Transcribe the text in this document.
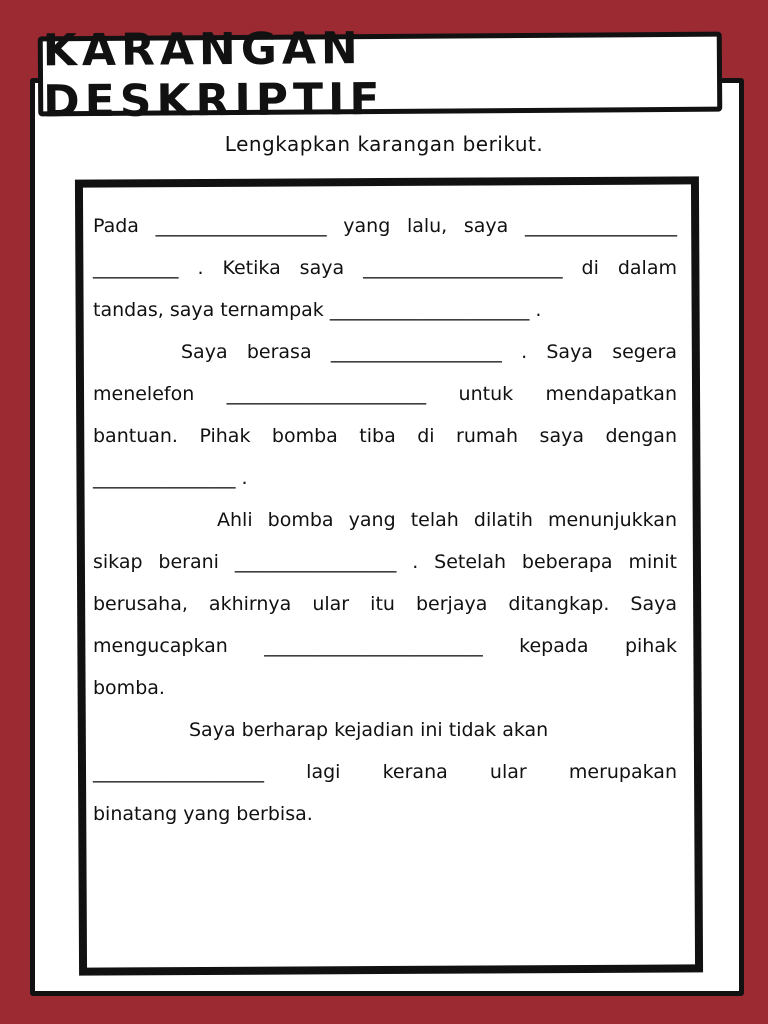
KARANGAN DESKRIPTIF
Lengkapkan karangan berikut.

Pada __________________ yang lalu, saya ________________

_________ . Ketika saya _____________________ di dalam

tandas, saya ternampak _____________________ .

Saya berasa __________________ . Saya segera

menelefon _____________________ untuk mendapatkan

bantuan. Pihak bomba tiba di rumah saya dengan

_______________ .

Ahli bomba yang telah dilatih menunjukkan

sikap berani _________________ . Setelah beberapa minit

berusaha, akhirnya ular itu berjaya ditangkap. Saya

mengucapkan _______________________ kepada pihak

bomba.

Saya berharap kejadian ini tidak akan

__________________ lagi kerana ular merupakan

binatang yang berbisa.
